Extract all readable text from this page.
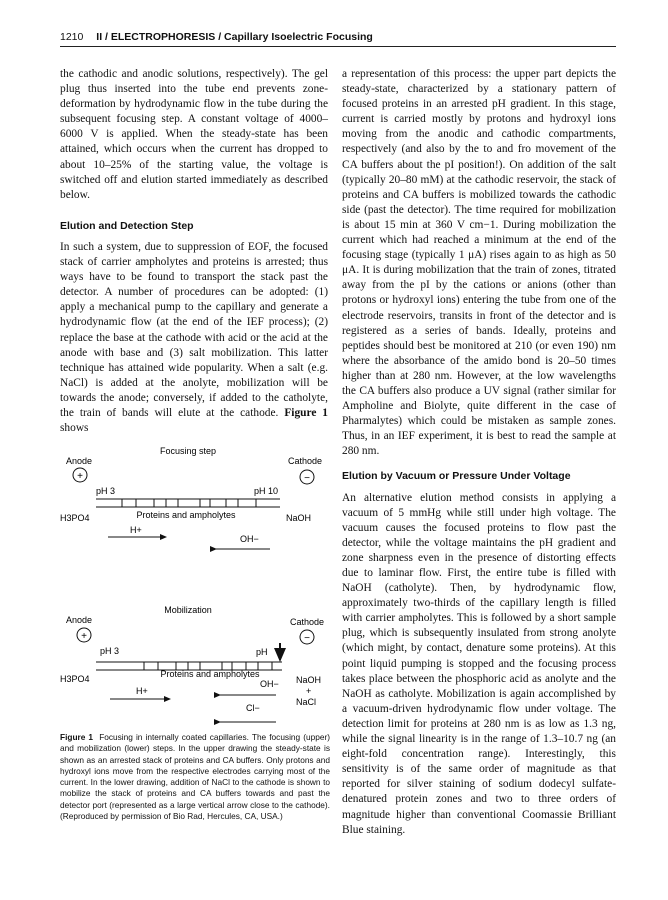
1210 II / ELECTROPHORESIS / Capillary Isoelectric Focusing

the cathodic and anodic solutions, respectively). The gel plug thus inserted into the tube end prevents zone-deformation by hydrodynamic flow in the tube during the subsequent focusing step. A constant voltage of 4000–6000 V is applied. When the steady-state has been attained, which occurs when the current has dropped to about 10–25% of the starting value, the voltage is switched off and elution started immediately as described below.

Elution and Detection Step

In such a system, due to suppression of EOF, the focused stack of carrier ampholytes and proteins is arrested; thus ways have to be found to transport the stack past the detector. A number of procedures can be adopted: (1) apply a mechanical pump to the capillary and generate a hydrodynamic flow (at the end of the IEF process); (2) replace the base at the cathode with acid or the acid at the anode with base and (3) salt mobilization. This latter technique has attained wide popularity. When a salt (e.g. NaCl) is added at the anolyte, mobilization will be towards the anode; conversely, if added to the catholyte, the train of bands will elute at the cathode. Figure 1 shows

Focusing step
Anode	Cathode
+	−
pH 3	pH 10
H3PO4	NaOH
Proteins and ampholytes
H+
OH−
Mobilization
Anode	Cathode
+	−
pH 3	pH
H3PO4	Proteins and ampholytes
OH− NaOH
+
NaCl
H+
Cl−
Figure 1 Focusing in internally coated capillaries. The focusing (upper) and mobilization (lower) steps. In the upper drawing the steady-state is shown as an arrested stack of proteins and CA buffers. Only protons and hydroxyl ions move from the respective electrodes carrying most of the current. In the lower drawing, addition of NaCl to the cathode is shown to mobilize the stack of proteins and CA buffers towards and past the detector port (represented as a large vertical arrow close to the cathode). (Reproduced by permission of Bio Rad, Hercules, CA, USA.)

a representation of this process: the upper part depicts the steady-state, characterized by a stationary pattern of focused proteins in an arrested pH gradient. In this stage, current is carried mostly by protons and hydroxyl ions moving from the anodic and cathodic compartments, respectively (and also by the to and fro movement of the CA buffers about the pI position!). On addition of the salt (typically 20–80 mM) at the cathodic reservoir, the stack of proteins and CA buffers is mobilized towards the cathodic side (past the detector). The time required for mobilization is about 15 min at 360 V cm−1. During mobilization the current which had reached a minimum at the end of the focusing stage (typically 1 μA) rises again to as high as 50 μA. It is during mobilization that the train of zones, titrated away from the pI by the cations or anions (other than protons or hydroxyl ions) entering the tube from one of the electrode reservoirs, transits in front of the detector and is registered as a series of bands. Ideally, proteins and peptides should best be monitored at 210 (or even 190) nm where the absorbance of the amido bond is 20–50 times higher than at 280 nm. However, at the low wavelengths the CA buffers also produce a UV signal (rather similar for Ampholine and Biolyte, quite different in the case of Pharmalytes) which could be mistaken as sample zones. Thus, in an IEF experiment, it is best to read the sample at 280 nm.

Elution by Vacuum or Pressure Under Voltage

An alternative elution method consists in applying a vacuum of 5 mmHg while still under high voltage. The vacuum causes the focused proteins to flow past the detector, while the voltage maintains the pH gradient and zone sharpness even in the presence of distorting effects due to laminar flow. First, the entire tube is filled with NaOH (catholyte). Then, by hydrodynamic flow, approximately two-thirds of the capillary length is filled with carrier ampholytes. This is followed by a short sample plug, which is subsequently insulated from strong anolyte (which might, by contact, denature some proteins). At this point liquid pumping is stopped and the focusing process takes place between the phosphoric acid as anolyte and the NaOH as catholyte. Mobilization is again accomplished by a vacuum-driven hydrodynamic flow under voltage. The detection limit for proteins at 280 nm is as low as 1.3 ng, while the signal linearity is in the range of 1.3–10.7 ng (an eight-fold concentration range). Interestingly, this sensitivity is of the same order of magnitude as that reported for silver staining of sodium dodecyl sulfate-denatured protein zones and two to three orders of magnitude higher than conventional Coomassie Brilliant Blue staining.
